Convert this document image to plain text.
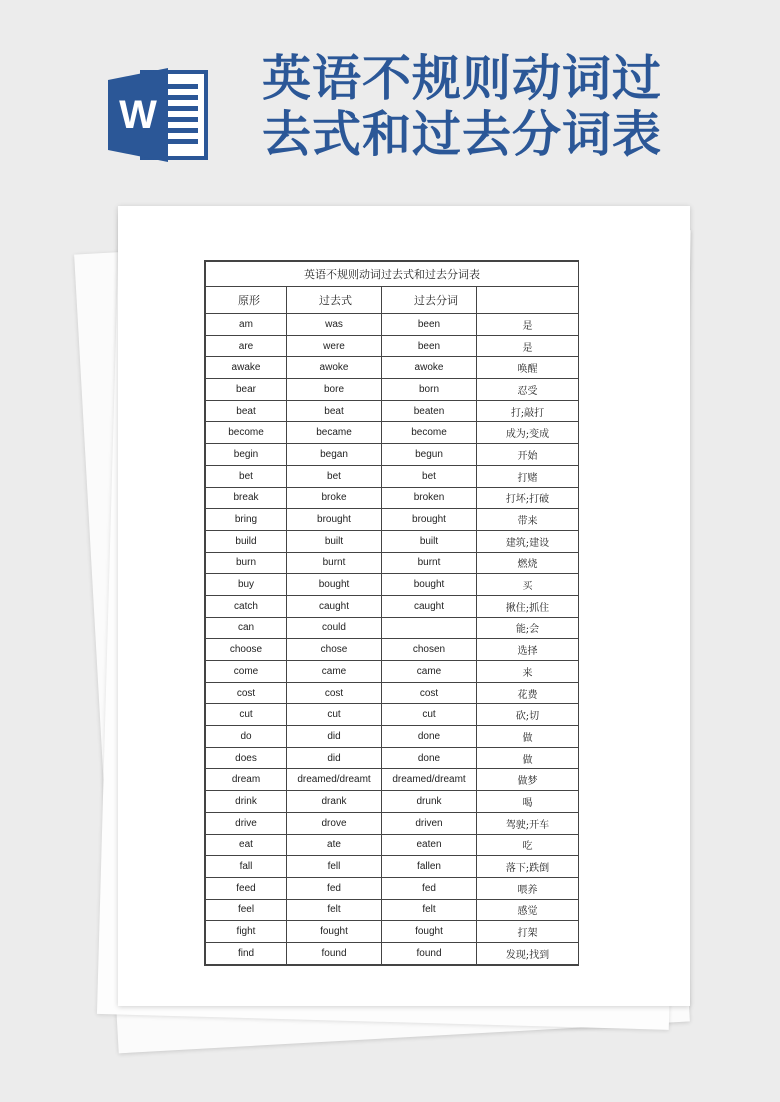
W
英语不规则动词过
去式和过去分词表
英语不规则动词过去式和过去分词表			
原形	过去式	过去分词	
am	was	been	是
are	were	been	是
awake	awoke	awoke	唤醒
bear	bore	born	忍受
beat	beat	beaten	打;敲打
become	became	become	成为;变成
begin	began	begun	开始
bet	bet	bet	打赌
break	broke	broken	打坏;打破
bring	brought	brought	带来
build	built	built	建筑;建设
burn	burnt	burnt	燃烧
buy	bought	bought	买
catch	caught	caught	揪住;抓住
can	could		能;会
choose	chose	chosen	选择
come	came	came	来
cost	cost	cost	花费
cut	cut	cut	砍;切
do	did	done	做
does	did	done	做
dream	dreamed/dreamt	dreamed/dreamt	做梦
drink	drank	drunk	喝
drive	drove	driven	驾驶;开车
eat	ate	eaten	吃
fall	fell	fallen	落下;跌倒
feed	fed	fed	喂养
feel	felt	felt	感觉
fight	fought	fought	打架
find	found	found	发现;找到
